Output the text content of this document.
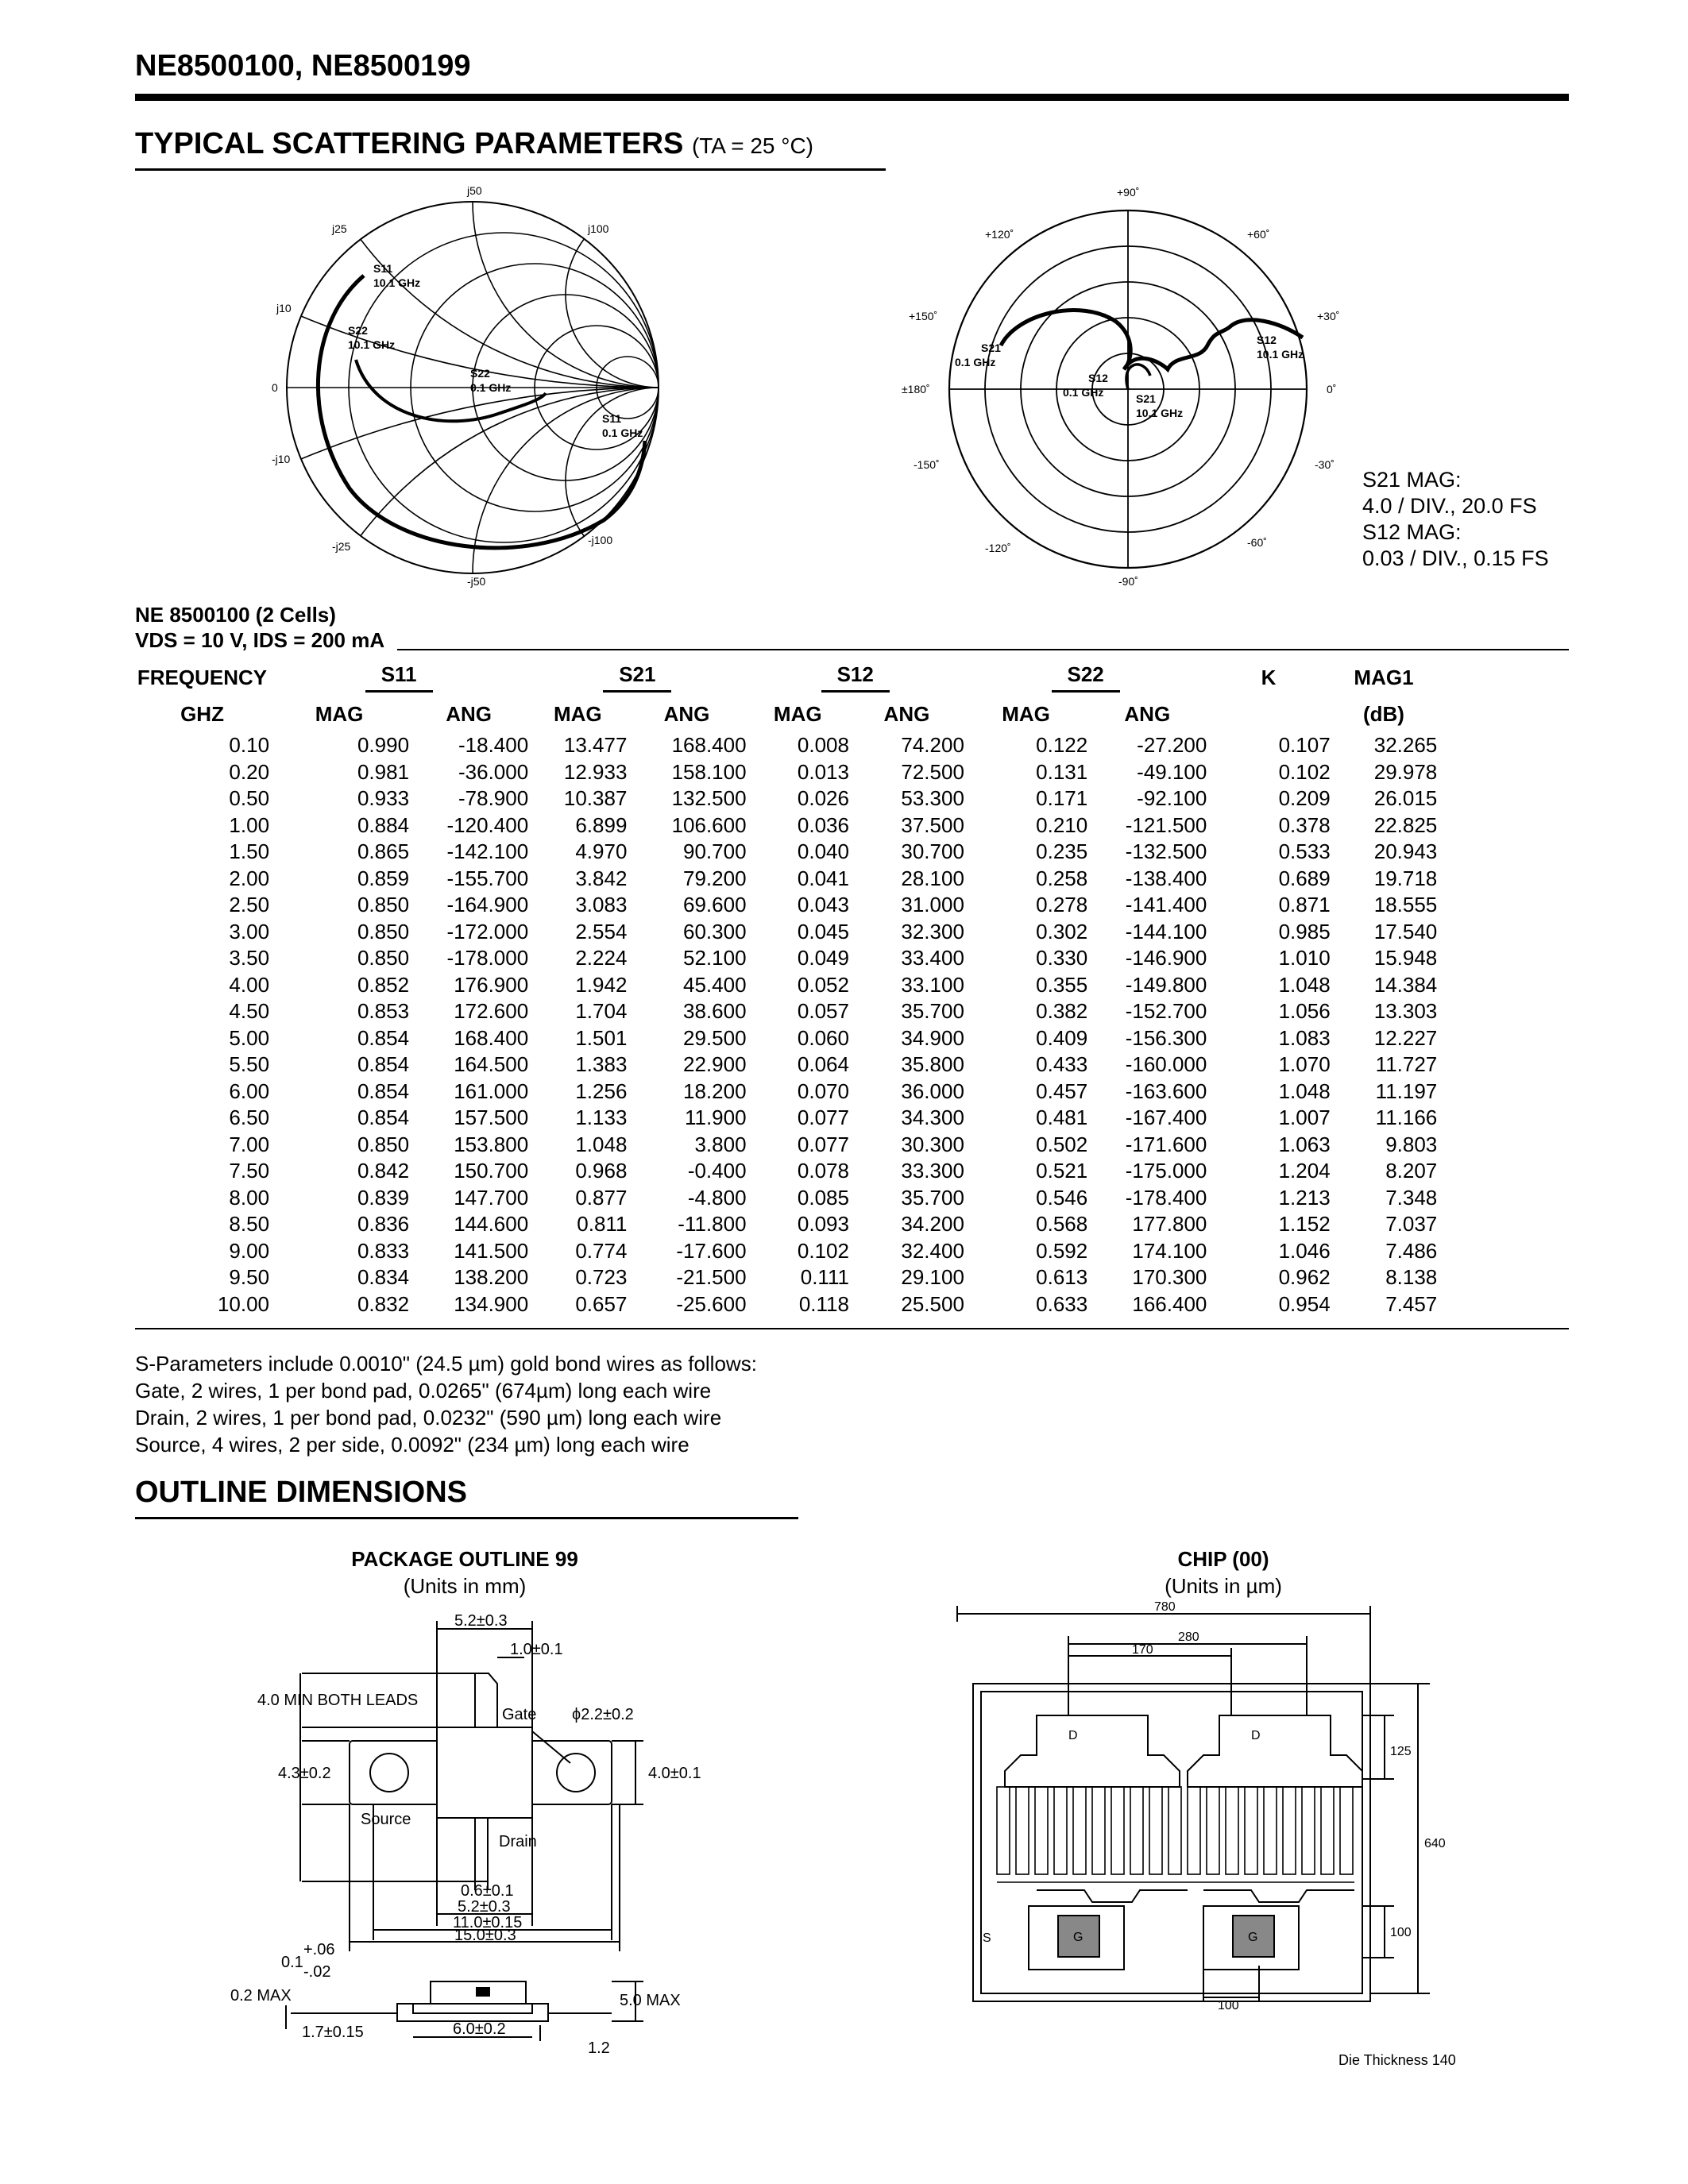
NE8500100, NE8500199
TYPICAL SCATTERING PARAMETERS (TA = 25 °C)
j50
j25	j100
j10
0
-j10
-j25	-j100
-j50
S11
10.1 GHz
S22
10.1 GHz
S22
0.1 GHz
S11
0.1 GHz
+90˚
+120˚	+60˚
+150˚	+30˚
±180˚	0˚
-150˚	-30˚
-120˚	-60˚
-90˚
S21
0.1 GHz
S12
10.1 GHz
S12
0.1 GHz	S21
10.1 GHz
S21 MAG:
4.0 / DIV., 20.0 FS
S12 MAG:
0.03 / DIV., 0.15 FS
NE 8500100 (2 Cells)
VDS = 10 V, IDS = 200 mA
FREQUENCY	S11		S21		S12		S22		K	MAG1	
GHZ	MAG	ANG	MAG	ANG	MAG	ANG	MAG	ANG		(dB)	
0.10	0.990	-18.400	13.477	168.400	0.008	74.200	0.122	-27.200	0.107	32.265	
0.20	0.981	-36.000	12.933	158.100	0.013	72.500	0.131	-49.100	0.102	29.978	
0.50	0.933	-78.900	10.387	132.500	0.026	53.300	0.171	-92.100	0.209	26.015	
1.00	0.884	-120.400	6.899	106.600	0.036	37.500	0.210	-121.500	0.378	22.825	
1.50	0.865	-142.100	4.970	90.700	0.040	30.700	0.235	-132.500	0.533	20.943	
2.00	0.859	-155.700	3.842	79.200	0.041	28.100	0.258	-138.400	0.689	19.718	
2.50	0.850	-164.900	3.083	69.600	0.043	31.000	0.278	-141.400	0.871	18.555	
3.00	0.850	-172.000	2.554	60.300	0.045	32.300	0.302	-144.100	0.985	17.540	
3.50	0.850	-178.000	2.224	52.100	0.049	33.400	0.330	-146.900	1.010	15.948	
4.00	0.852	176.900	1.942	45.400	0.052	33.100	0.355	-149.800	1.048	14.384	
4.50	0.853	172.600	1.704	38.600	0.057	35.700	0.382	-152.700	1.056	13.303	
5.00	0.854	168.400	1.501	29.500	0.060	34.900	0.409	-156.300	1.083	12.227	
5.50	0.854	164.500	1.383	22.900	0.064	35.800	0.433	-160.000	1.070	11.727	
6.00	0.854	161.000	1.256	18.200	0.070	36.000	0.457	-163.600	1.048	11.197	
6.50	0.854	157.500	1.133	11.900	0.077	34.300	0.481	-167.400	1.007	11.166	
7.00	0.850	153.800	1.048	3.800	0.077	30.300	0.502	-171.600	1.063	9.803	
7.50	0.842	150.700	0.968	-0.400	0.078	33.300	0.521	-175.000	1.204	8.207	
8.00	0.839	147.700	0.877	-4.800	0.085	35.700	0.546	-178.400	1.213	7.348	
8.50	0.836	144.600	0.811	-11.800	0.093	34.200	0.568	177.800	1.152	7.037	
9.00	0.833	141.500	0.774	-17.600	0.102	32.400	0.592	174.100	1.046	7.486	
9.50	0.834	138.200	0.723	-21.500	0.111	29.100	0.613	170.300	0.962	8.138	
10.00	0.832	134.900	0.657	-25.600	0.118	25.500	0.633	166.400	0.954	7.457	
S-Parameters include 0.0010" (24.5 µm) gold bond wires as follows:
Gate, 2 wires, 1 per bond pad, 0.0265" (674µm) long each wire
Drain, 2 wires, 1 per bond pad, 0.0232" (590 µm) long each wire
Source, 4 wires, 2 per side, 0.0092" (234 µm) long each wire
OUTLINE DIMENSIONS
PACKAGE OUTLINE 99
(Units in mm)
CHIP (00)
(Units in µm)
5.2±0.3
1.0±0.1
4.0 MIN BOTH LEADS
Gate ϕ2.2±0.2
4.3±0.2	4.0±0.1
Source
Drain
0.6±0.1
5.2±0.3
11.0±0.15
15.0±0.3
+.06
0.1
-.02
0.2 MAX	5.0 MAX
1.7±0.15	6.0±0.2
1.2
780
280
170
125
640
100
100
D	D
S	G	G
Die Thickness 140
